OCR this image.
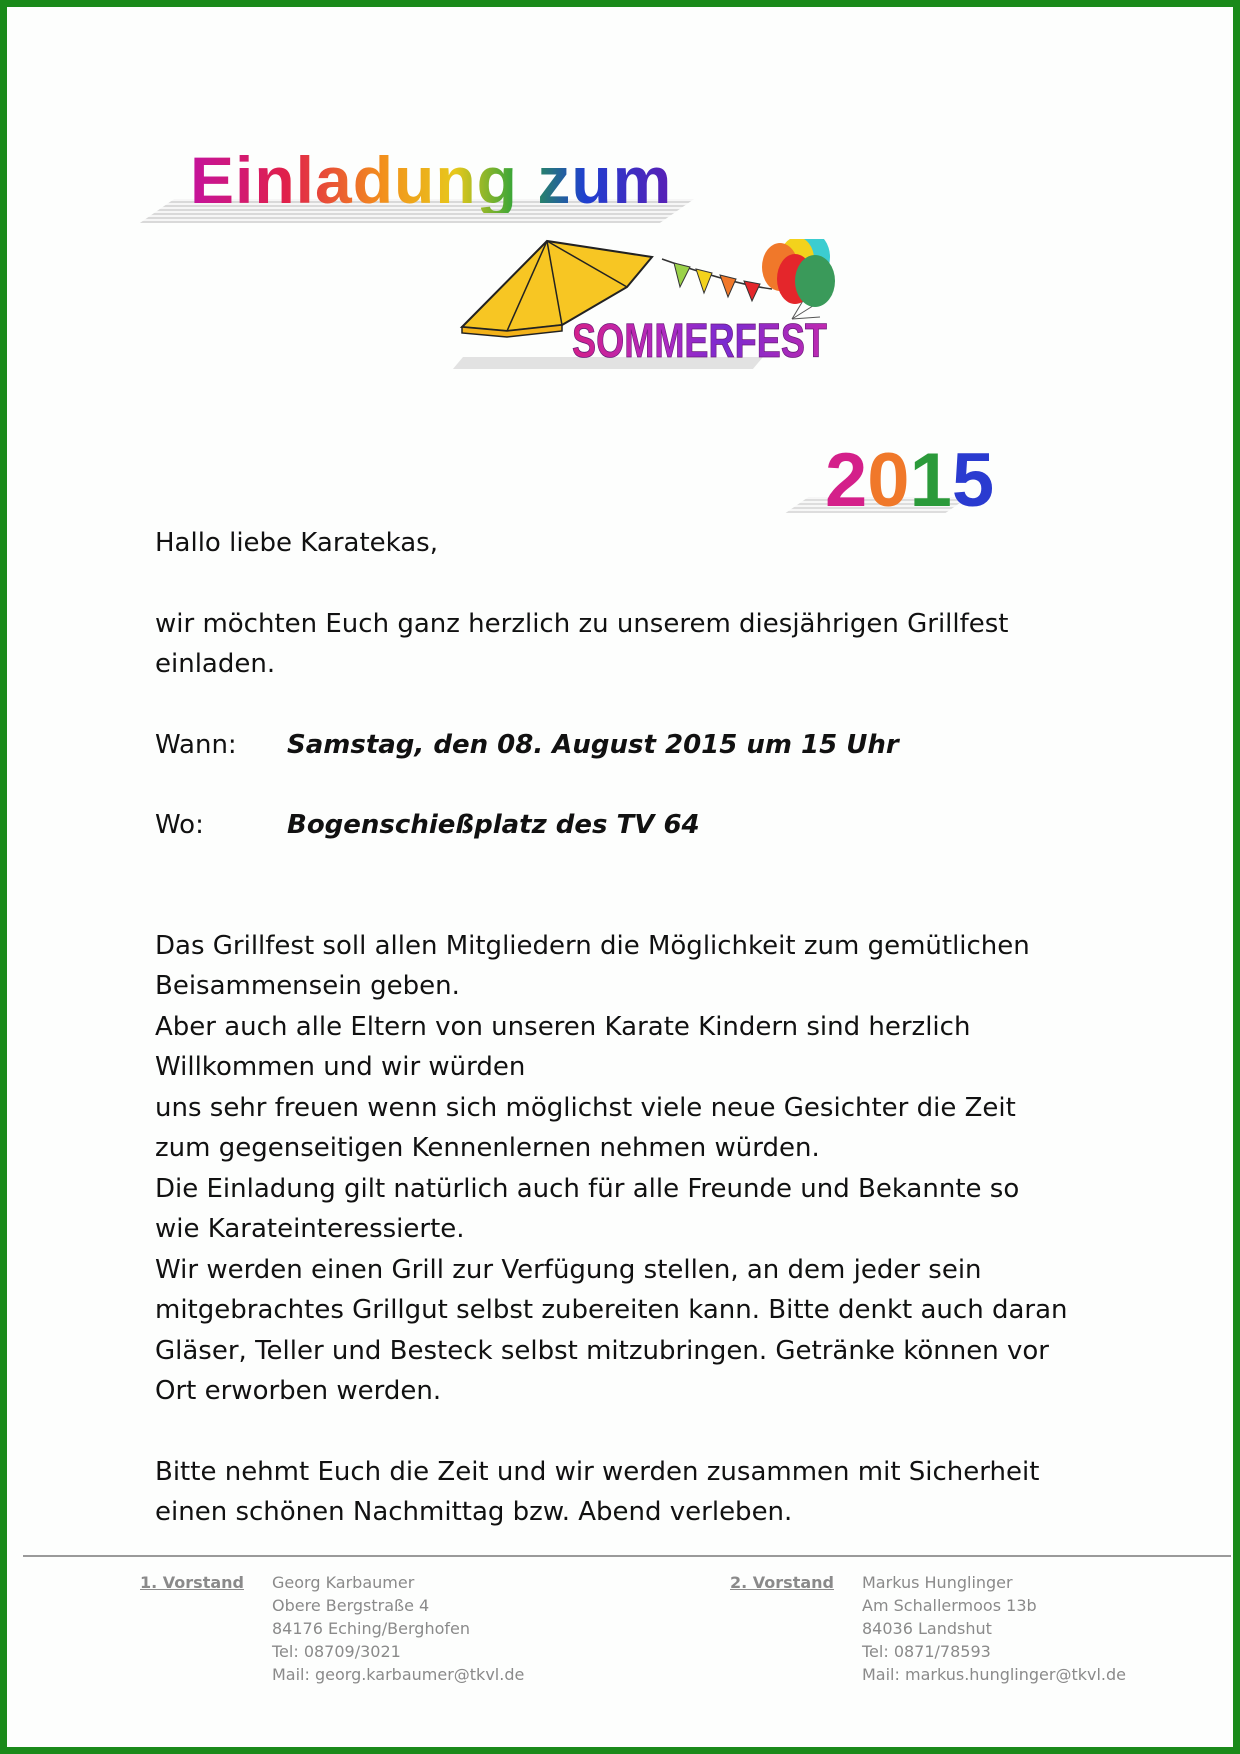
Einladung zum
SOMMERFEST
2015

Hallo liebe Karatekas,

wir möchten Euch ganz herzlich zu unserem diesjährigen Grillfest

einladen.

Wann:	Samstag, den 08. August 2015 um 15 Uhr
Wo:	Bogenschießplatz des TV 64

Das Grillfest soll allen Mitgliedern die Möglichkeit zum gemütlichen

Beisammensein geben.

Aber auch alle Eltern von unseren Karate Kindern sind herzlich

Willkommen und wir würden

uns sehr freuen wenn sich möglichst viele neue Gesichter die Zeit

zum gegenseitigen Kennenlernen nehmen würden.

Die Einladung gilt natürlich auch für alle Freunde und Bekannte so

wie Karateinteressierte.

Wir werden einen Grill zur Verfügung stellen, an dem jeder sein

mitgebrachtes Grillgut selbst zubereiten kann. Bitte denkt auch daran

Gläser, Teller und Besteck selbst mitzubringen. Getränke können vor

Ort erworben werden.

Bitte nehmt Euch die Zeit und wir werden zusammen mit Sicherheit

einen schönen Nachmittag bzw. Abend verleben.

1. Vorstand Georg Karbaumer
Obere Bergstraße 4
84176 Eching/Berghofen
Tel: 08709/3021
Mail: georg.karbaumer@tkvl.de
2. Vorstand Markus Hunglinger
Am Schallermoos 13b
84036 Landshut
Tel: 0871/78593
Mail: markus.hunglinger@tkvl.de
